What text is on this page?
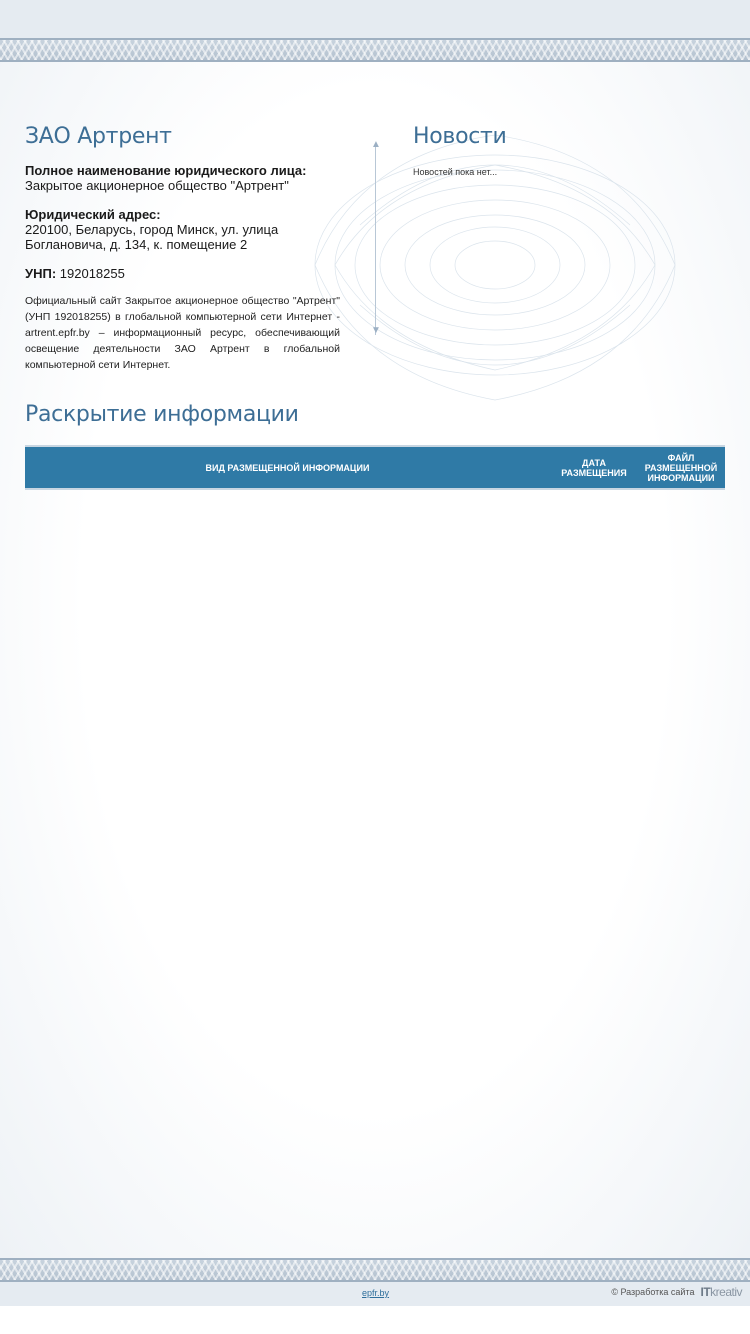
ЗАО Артрент
Полное наименование юридического лица:
Закрытое акционерное общество "Артрент"
Юридический адрес:
220100, Беларусь, город Минск, ул. улица Боглановича, д. 134, к. помещение 2
УНП: 192018255
Официальный сайт Закрытое акционерное общество "Артрент" (УНП 192018255) в глобальной компьютерной сети Интернет - artrent.epfr.by – информационный ресурс, обеспечивающий освещение деятельности ЗАО Артрент в глобальной компьютерной сети Интернет.
▲
▼
Новости
Новостей пока нет...
Раскрытие информации
ВИД РАЗМЕЩЕННОЙ ИНФОРМАЦИИ	ДАТА РАЗМЕЩЕНИЯ
ФАЙЛ РАЗМЕЩЕННОЙ ИНФОРМАЦИИ
epfr.by	© Разработка сайта ITkreativ
